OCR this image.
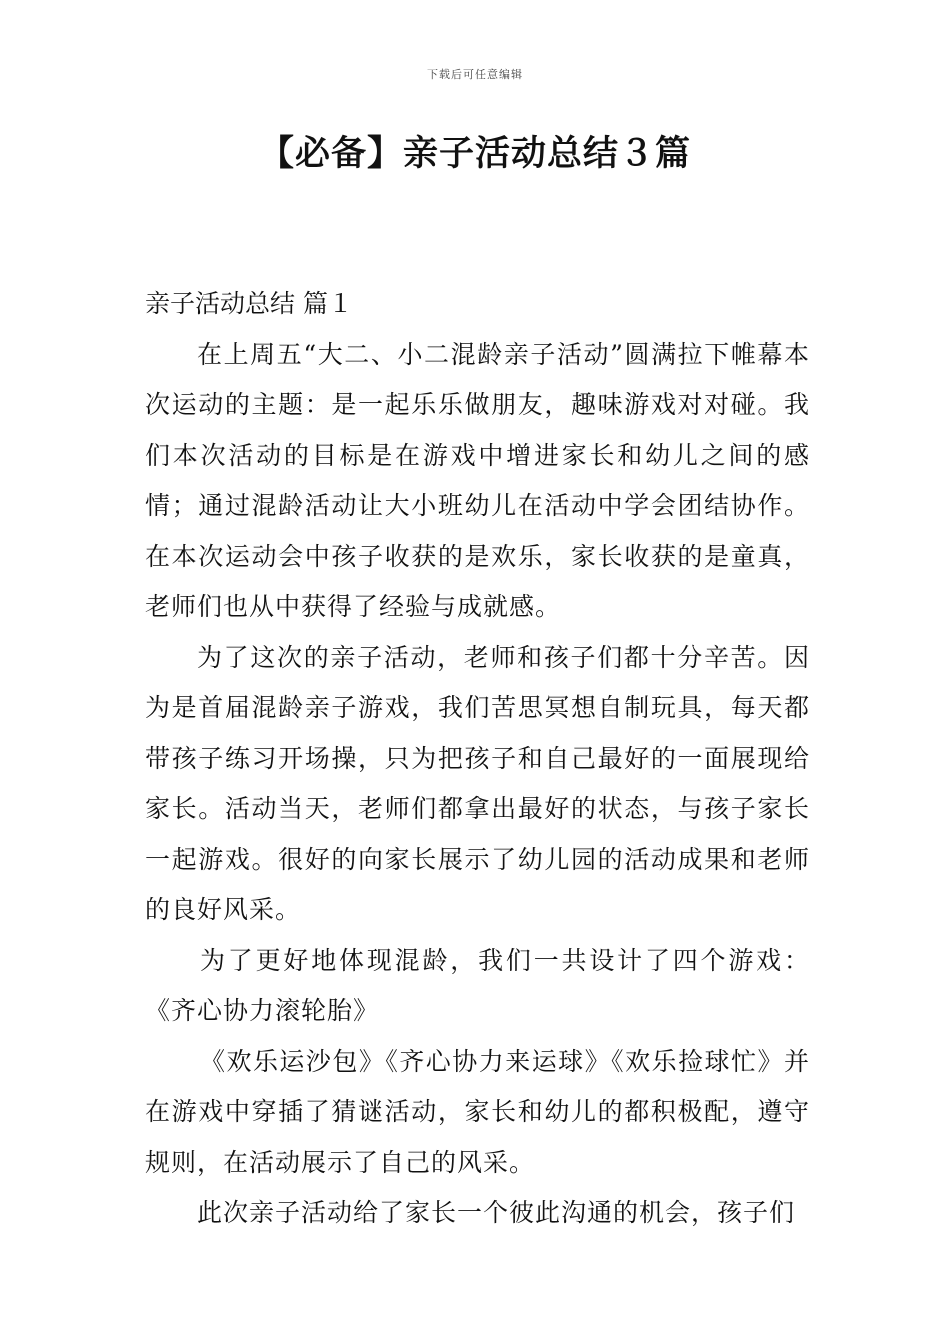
下载后可任意编辑
【必备】亲子活动总结３篇

亲子活动总结 篇１

在上周五“大二、小二混龄亲子活动”圆满拉下帷幕本次运动的主题：是一起乐乐做朋友，趣味游戏对对碰。我们本次活动的目标是在游戏中增进家长和幼儿之间的感情；通过混龄活动让大小班幼儿在活动中学会团结协作。在本次运动会中孩子收获的是欢乐，家长收获的是童真，老师们也从中获得了经验与成就感。

为了这次的亲子活动，老师和孩子们都十分辛苦。因为是首届混龄亲子游戏，我们苦思冥想自制玩具，每天都带孩子练习开场操，只为把孩子和自己最好的一面展现给家长。活动当天，老师们都拿出最好的状态，与孩子家长一起游戏。很好的向家长展示了幼儿园的活动成果和老师的良好风采。

为了更好地体现混龄，我们一共设计了四个游戏：《齐心协力滚轮胎》

《欢乐运沙包》《齐心协力来运球》《欢乐捡球忙》并在游戏中穿插了猜谜活动，家长和幼儿的都积极配，遵守规则，在活动展示了自己的风采。

此次亲子活动给了家长一个彼此沟通的机会，孩子们
